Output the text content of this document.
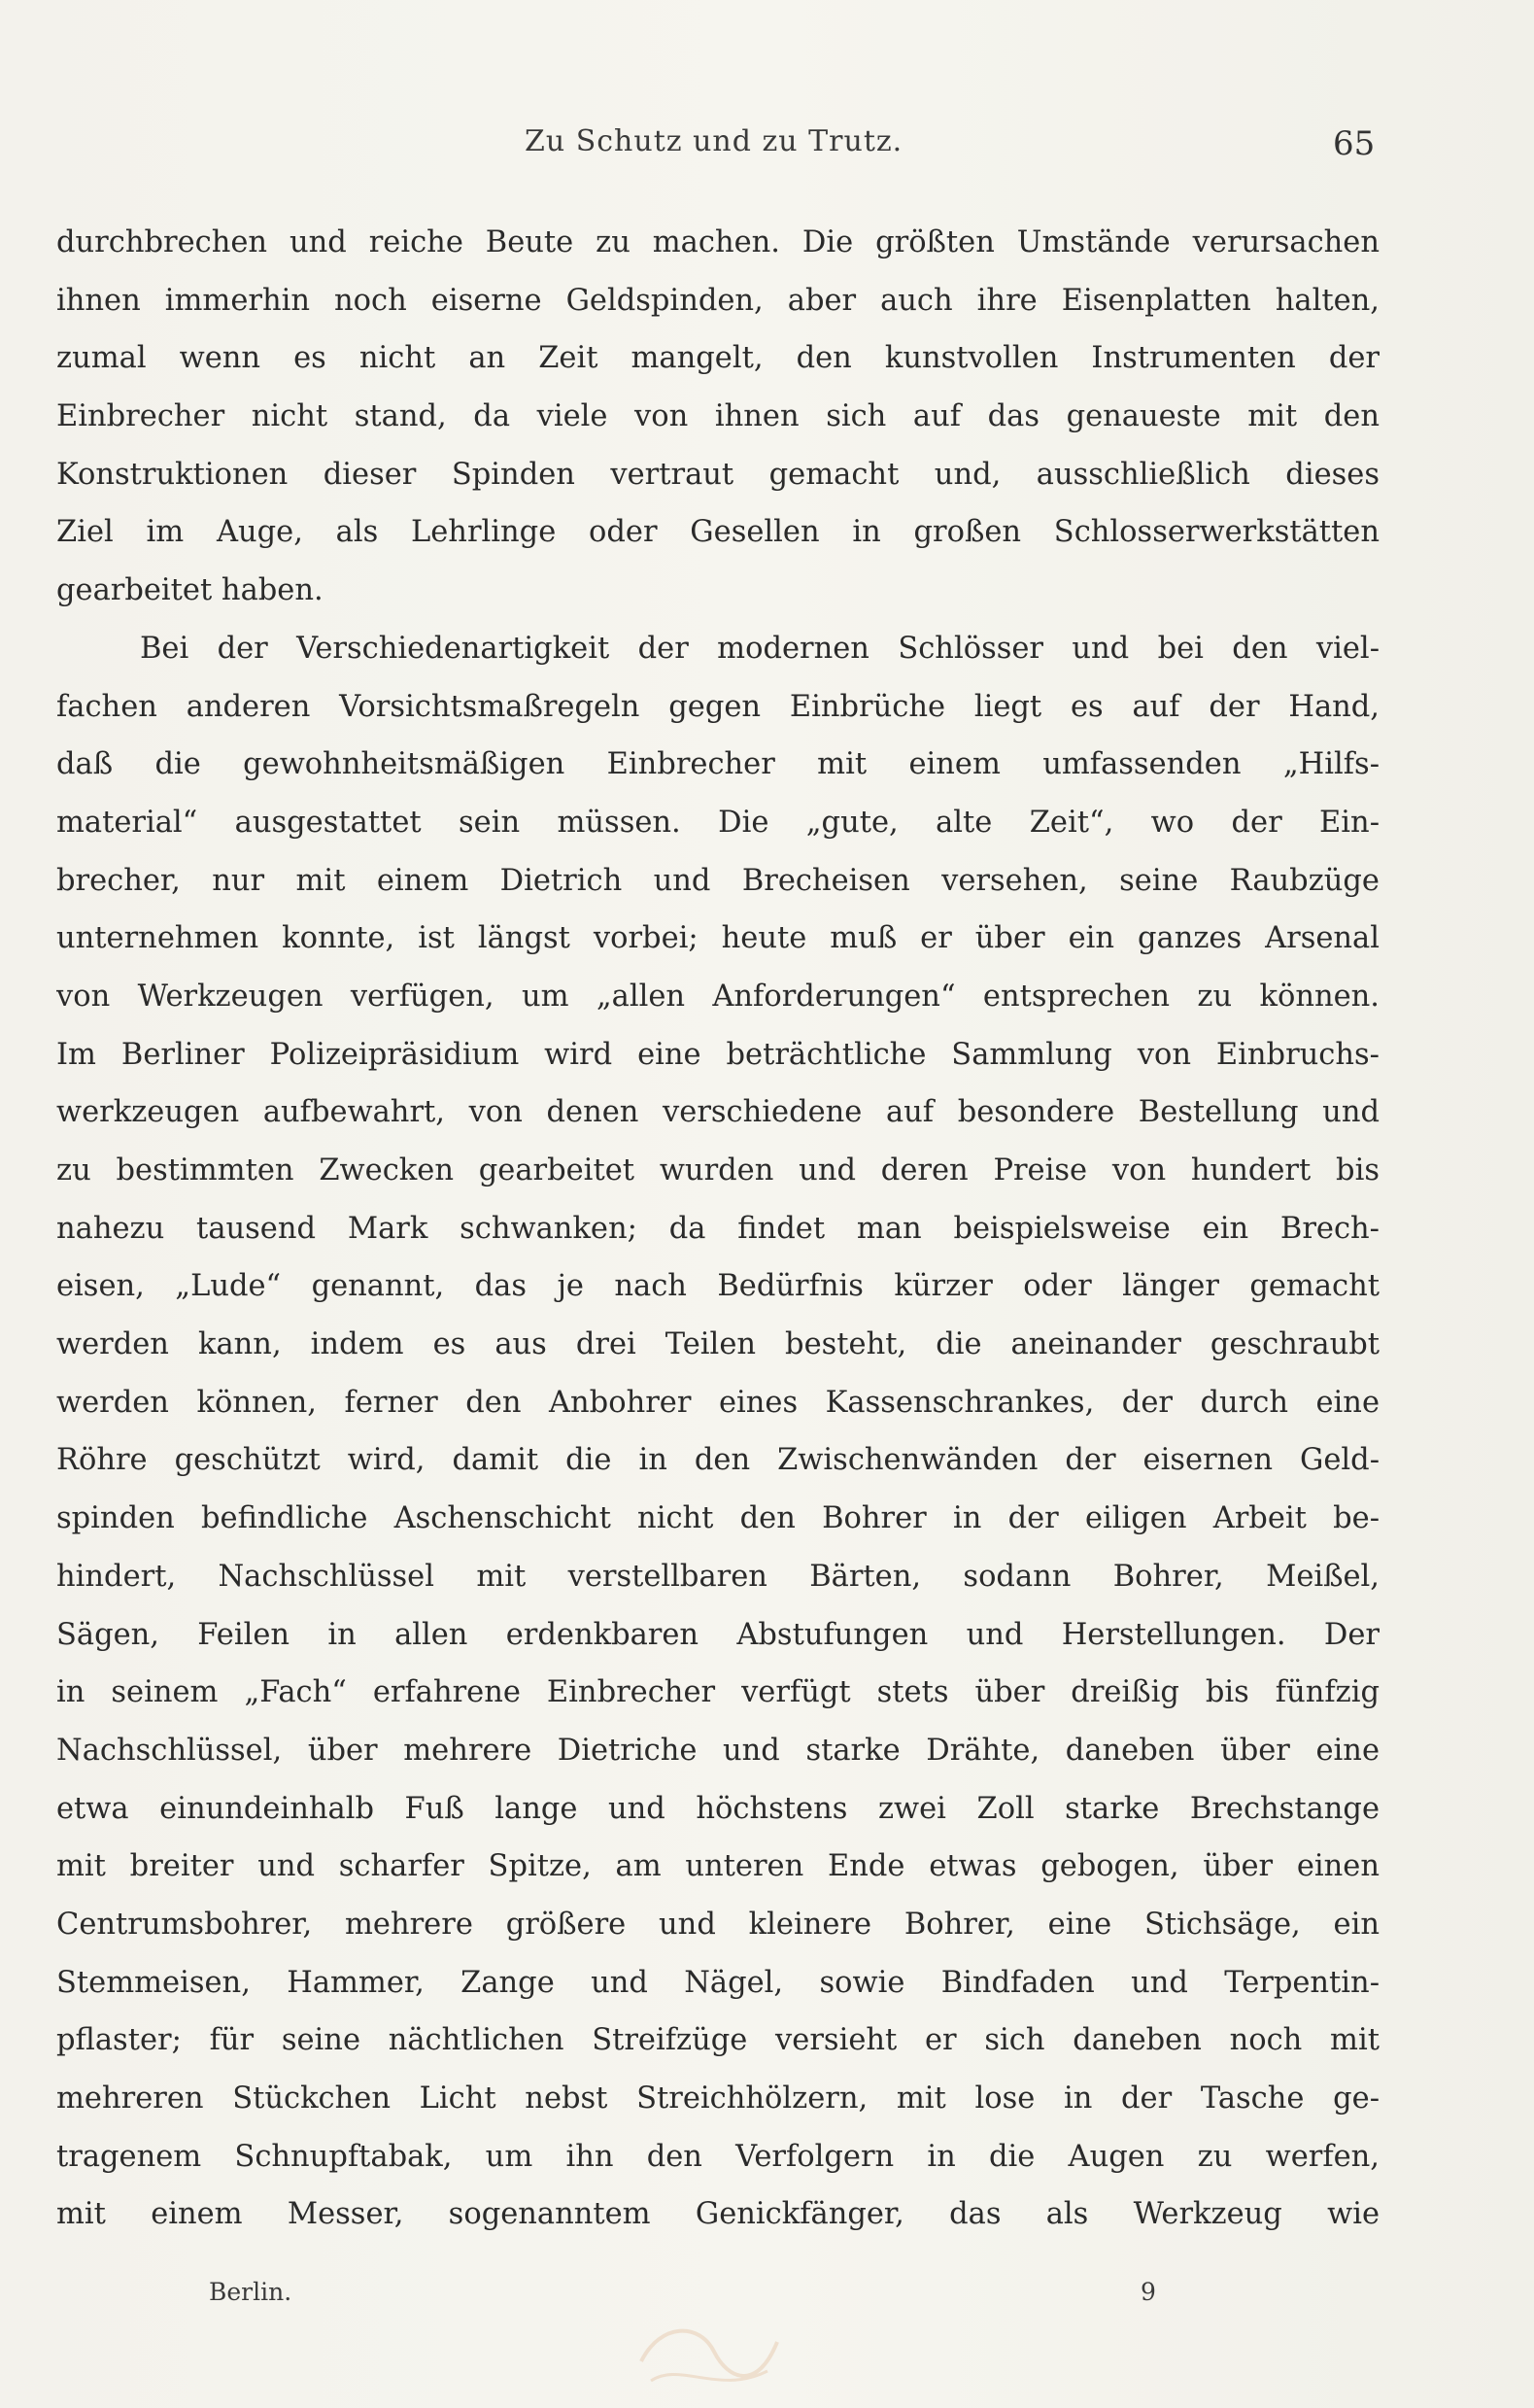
Zu Schutz und zu Trutz.	65
durchbrechen und reiche Beute zu machen. Die größten Umstände verursachen
ihnen immerhin noch eiserne Geldspinden, aber auch ihre Eisenplatten halten,
zumal wenn es nicht an Zeit mangelt, den kunstvollen Instrumenten der
Einbrecher nicht stand, da viele von ihnen sich auf das genaueste mit den
Konstruktionen dieser Spinden vertraut gemacht und, ausschließlich dieses
Ziel im Auge, als Lehrlinge oder Gesellen in großen Schlosserwerkstätten
gearbeitet haben.
Bei der Verschiedenartigkeit der modernen Schlösser und bei den viel-
fachen anderen Vorsichtsmaßregeln gegen Einbrüche liegt es auf der Hand,
daß die gewohnheitsmäßigen Einbrecher mit einem umfassenden „Hilfs-
material“ ausgestattet sein müssen. Die „gute, alte Zeit“, wo der Ein-
brecher, nur mit einem Dietrich und Brecheisen versehen, seine Raubzüge
unternehmen konnte, ist längst vorbei; heute muß er über ein ganzes Arsenal
von Werkzeugen verfügen, um „allen Anforderungen“ entsprechen zu können.
Im Berliner Polizeipräsidium wird eine beträchtliche Sammlung von Einbruchs-
werkzeugen aufbewahrt, von denen verschiedene auf besondere Bestellung und
zu bestimmten Zwecken gearbeitet wurden und deren Preise von hundert bis
nahezu tausend Mark schwanken; da findet man beispielsweise ein Brech-
eisen, „Lude“ genannt, das je nach Bedürfnis kürzer oder länger gemacht
werden kann, indem es aus drei Teilen besteht, die aneinander geschraubt
werden können, ferner den Anbohrer eines Kassenschrankes, der durch eine
Röhre geschützt wird, damit die in den Zwischenwänden der eisernen Geld-
spinden befindliche Aschenschicht nicht den Bohrer in der eiligen Arbeit be-
hindert, Nachschlüssel mit verstellbaren Bärten, sodann Bohrer, Meißel,
Sägen, Feilen in allen erdenkbaren Abstufungen und Herstellungen. Der
in seinem „Fach“ erfahrene Einbrecher verfügt stets über dreißig bis fünfzig
Nachschlüssel, über mehrere Dietriche und starke Drähte, daneben über eine
etwa einundeinhalb Fuß lange und höchstens zwei Zoll starke Brechstange
mit breiter und scharfer Spitze, am unteren Ende etwas gebogen, über einen
Centrumsbohrer, mehrere größere und kleinere Bohrer, eine Stichsäge, ein
Stemmeisen, Hammer, Zange und Nägel, sowie Bindfaden und Terpentin-
pflaster; für seine nächtlichen Streifzüge versieht er sich daneben noch mit
mehreren Stückchen Licht nebst Streichhölzern, mit lose in der Tasche ge-
tragenem Schnupftabak, um ihn den Verfolgern in die Augen zu werfen,
mit einem Messer, sogenanntem Genickfänger, das als Werkzeug wie
Berlin.	9
